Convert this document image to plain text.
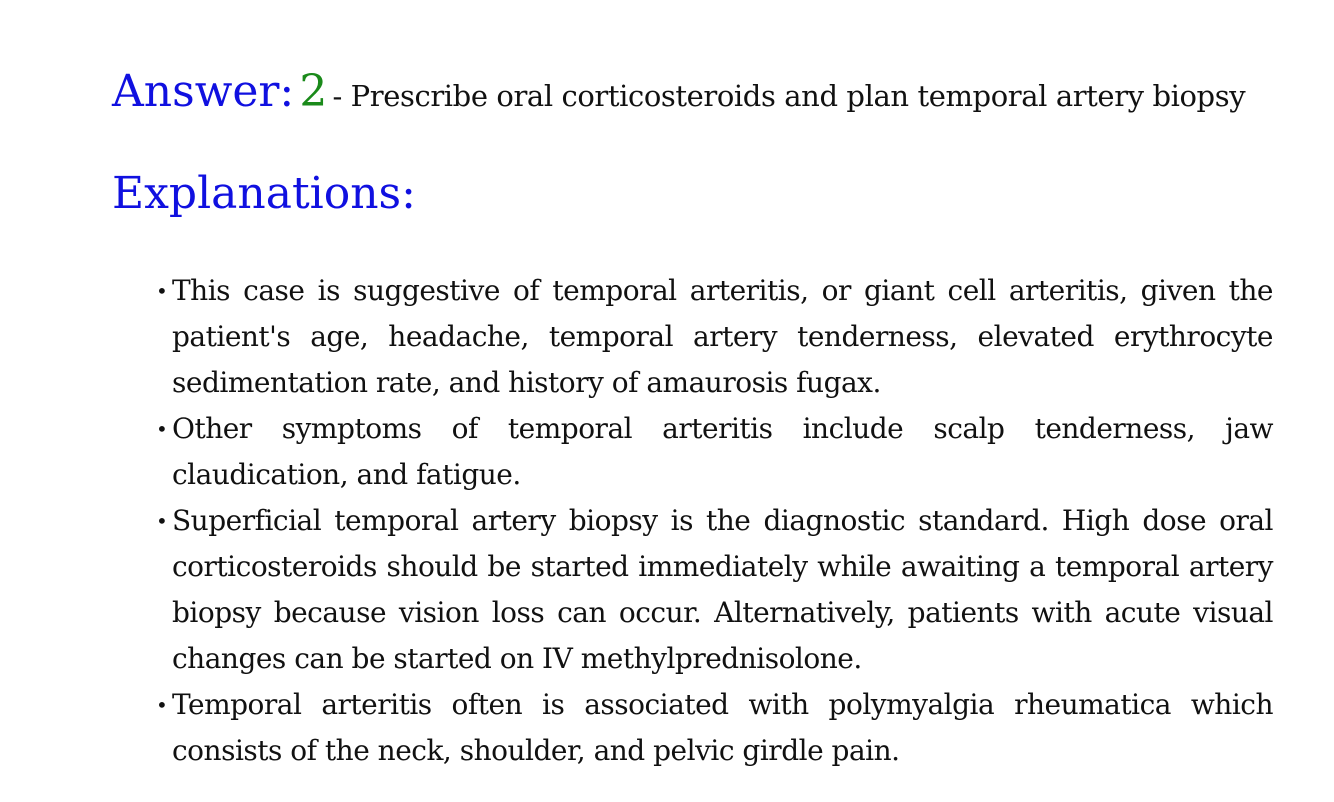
Answer: 2 - Prescribe oral corticosteroids and plan temporal artery biopsy
Explanations:
• This case is suggestive of temporal arteritis, or giant cell arteritis, given the patient's age, headache, temporal artery tenderness, elevated erythrocyte sedimentation rate, and history of amaurosis fugax.
• Other symptoms of temporal arteritis include scalp tenderness, jaw claudication, and fatigue.
• Superficial temporal artery biopsy is the diagnostic standard. High dose oral corticosteroids should be started immediately while awaiting a temporal artery biopsy because vision loss can occur. Alternatively, patients with acute visual changes can be started on IV methylprednisolone.
• Temporal arteritis often is associated with polymyalgia rheumatica which consists of the neck, shoulder, and pelvic girdle pain.
